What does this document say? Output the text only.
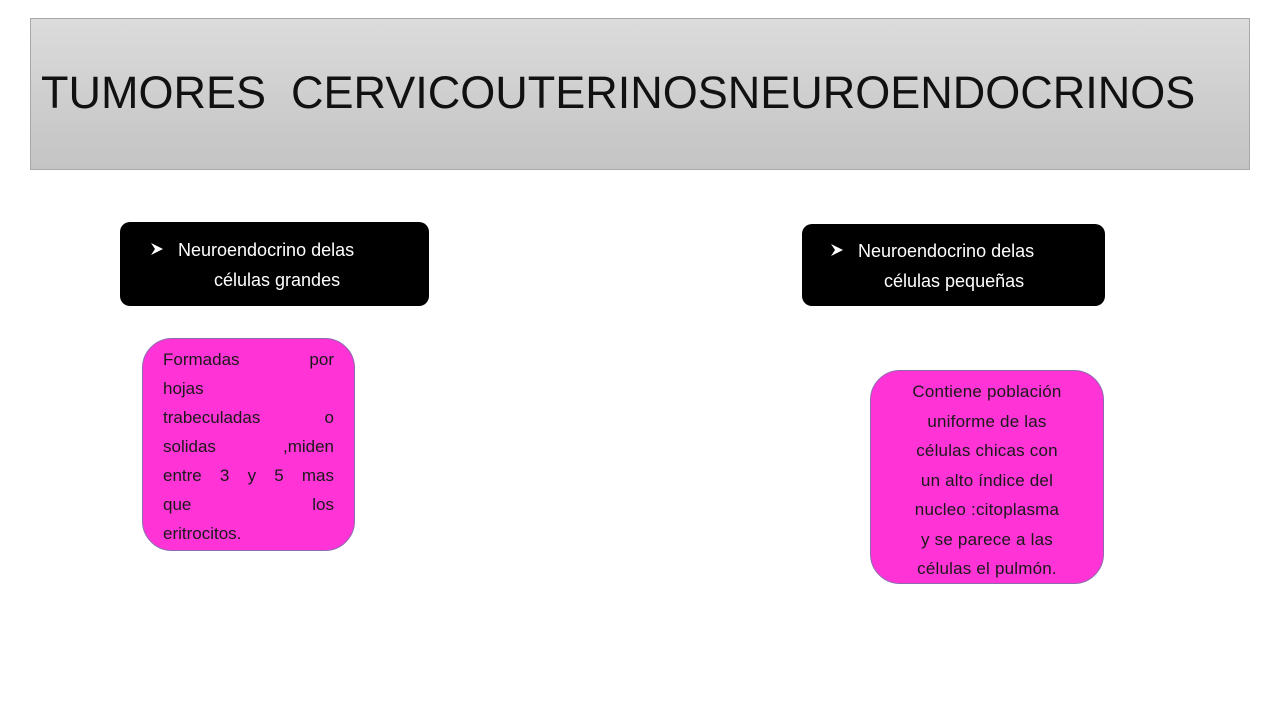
TUMORES  CERVICOUTERINOSNEUROENDOCRINOS
Neuroendocrino delas
células grandes
Neuroendocrino delas
células pequeñas
Formadas por
hojas
trabeculadas o
solidas ,miden
entre 3 y 5 mas
que los
eritrocitos.
Contiene población
uniforme de las
células chicas con
un alto índice del
nucleo :citoplasma
y se parece a las
células el pulmón.
